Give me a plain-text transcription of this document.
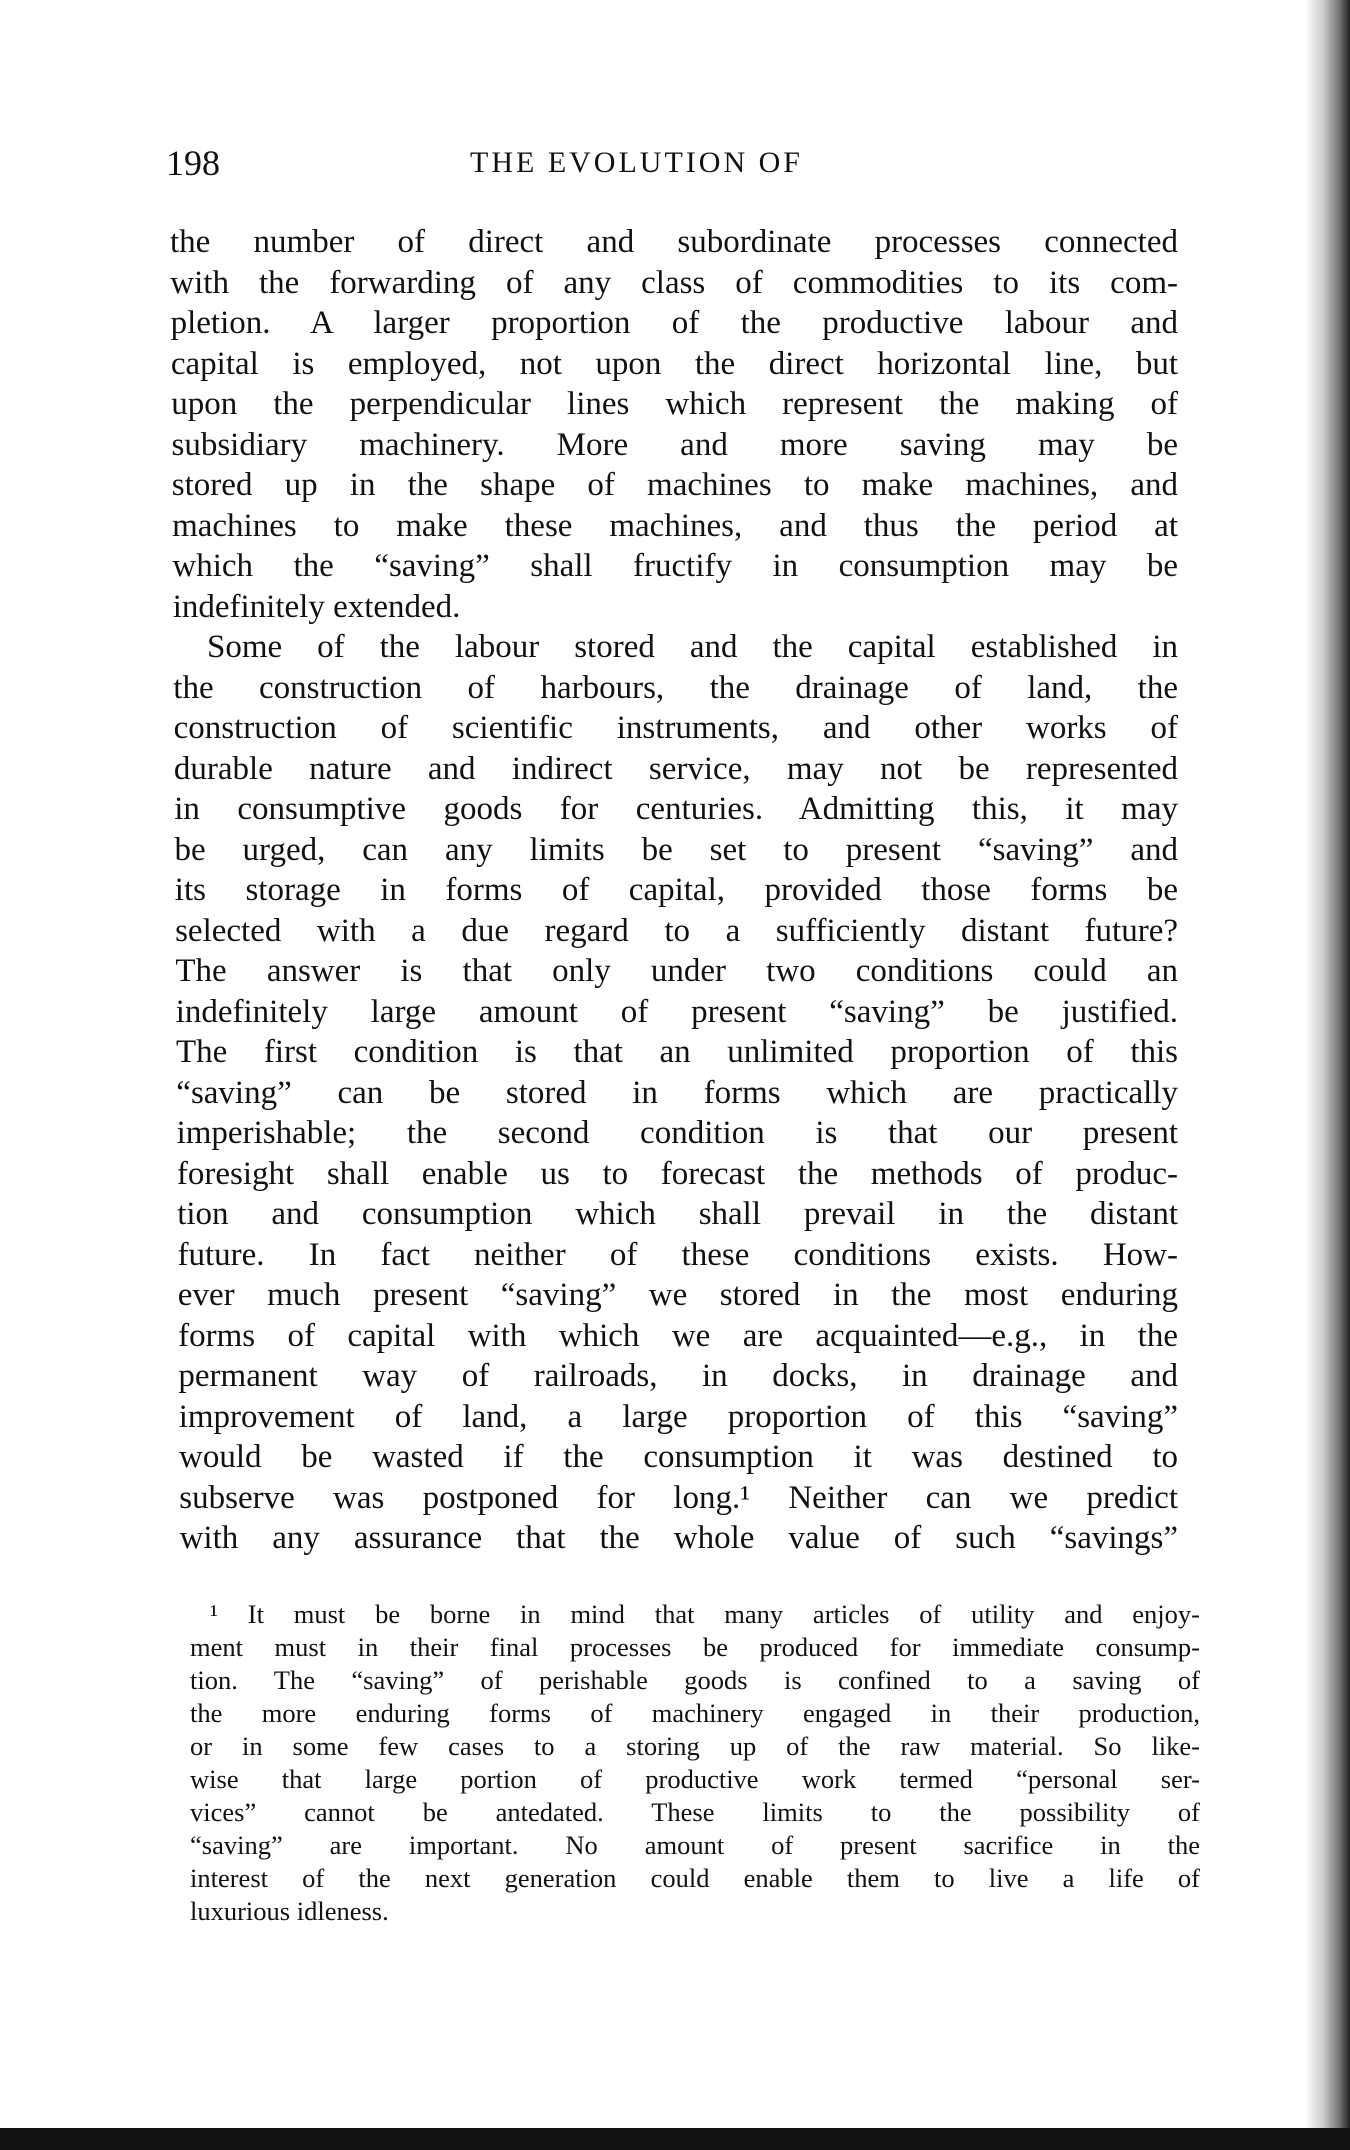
198	THE EVOLUTION OF
the number of direct and subordinate processes connected
with the forwarding of any class of commodities to its com-
pletion. A larger proportion of the productive labour and
capital is employed, not upon the direct horizontal line, but
upon the perpendicular lines which represent the making of
subsidiary machinery. More and more saving may be
stored up in the shape of machines to make machines, and
machines to make these machines, and thus the period at
which the “saving” shall fructify in consumption may be
indefinitely extended.
Some of the labour stored and the capital established in
the construction of harbours, the drainage of land, the
construction of scientific instruments, and other works of
durable nature and indirect service, may not be represented
in consumptive goods for centuries. Admitting this, it may
be urged, can any limits be set to present “saving” and
its storage in forms of capital, provided those forms be
selected with a due regard to a sufficiently distant future?
The answer is that only under two conditions could an
indefinitely large amount of present “saving” be justified.
The first condition is that an unlimited proportion of this
“saving” can be stored in forms which are practically
imperishable; the second condition is that our present
foresight shall enable us to forecast the methods of produc-
tion and consumption which shall prevail in the distant
future. In fact neither of these conditions exists. How-
ever much present “saving” we stored in the most enduring
forms of capital with which we are acquainted—e.g., in the
permanent way of railroads, in docks, in drainage and
improvement of land, a large proportion of this “saving”
would be wasted if the consumption it was destined to
subserve was postponed for long.¹ Neither can we predict
with any assurance that the whole value of such “savings”
¹ It must be borne in mind that many articles of utility and enjoy-
ment must in their final processes be produced for immediate consump-
tion. The “saving” of perishable goods is confined to a saving of
the more enduring forms of machinery engaged in their production,
or in some few cases to a storing up of the raw material. So like-
wise that large portion of productive work termed “personal ser-
vices” cannot be antedated. These limits to the possibility of
“saving” are important. No amount of present sacrifice in the
interest of the next generation could enable them to live a life of
luxurious idleness.
